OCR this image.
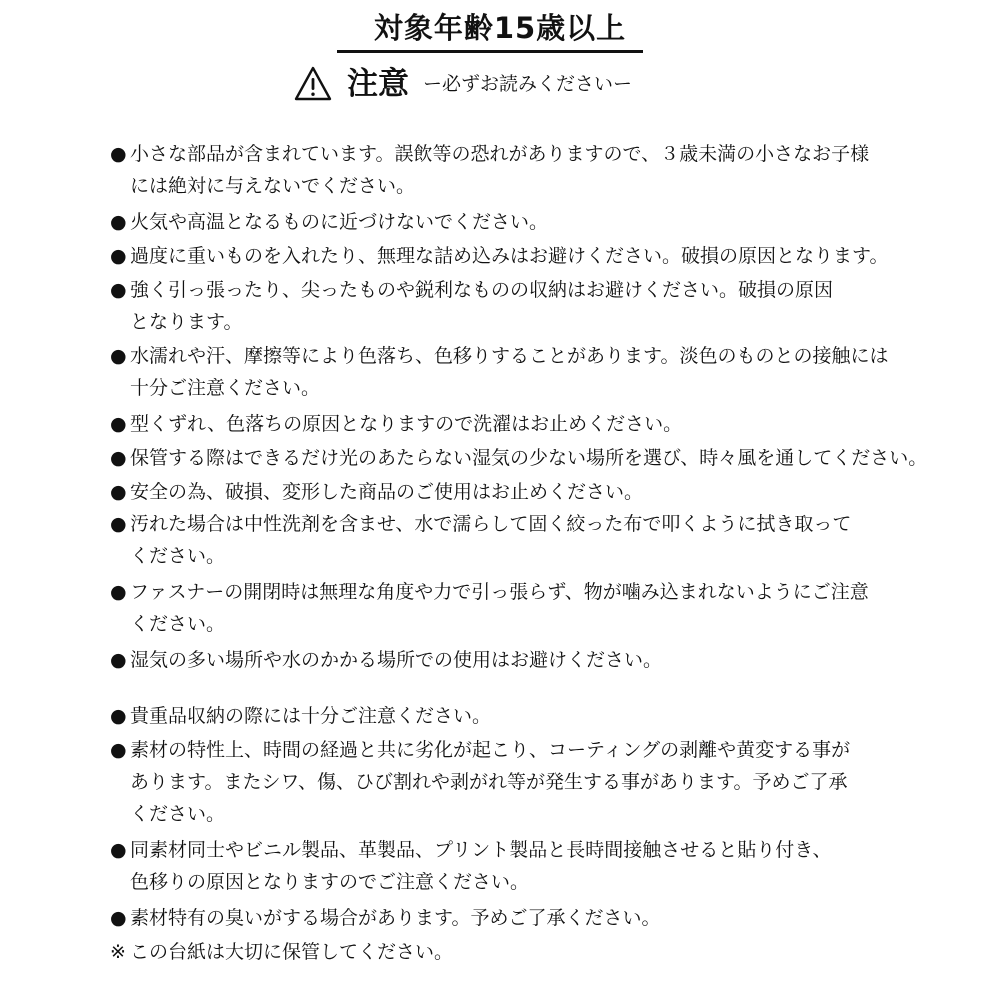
対象年齢15歳以上
注意 ー必ずお読みくださいー
● 小さな部品が含まれています。誤飲等の恐れがありますので、３歳未満の小さなお子様
には絶対に与えないでください。
● 火気や高温となるものに近づけないでください。
● 過度に重いものを入れたり、無理な詰め込みはお避けください。破損の原因となります。
● 強く引っ張ったり、尖ったものや鋭利なものの収納はお避けください。破損の原因
となります。
● 水濡れや汗、摩擦等により色落ち、色移りすることがあります。淡色のものとの接触には
十分ご注意ください。
● 型くずれ、色落ちの原因となりますので洗濯はお止めください。
● 保管する際はできるだけ光のあたらない湿気の少ない場所を選び、時々風を通してください。
● 安全の為、破損、変形した商品のご使用はお止めください。
● 汚れた場合は中性洗剤を含ませ、水で濡らして固く絞った布で叩くように拭き取って
ください。
● ファスナーの開閉時は無理な角度や力で引っ張らず、物が噛み込まれないようにご注意
ください。
● 湿気の多い場所や水のかかる場所での使用はお避けください。
● 貴重品収納の際には十分ご注意ください。
● 素材の特性上、時間の経過と共に劣化が起こり、コーティングの剥離や黄変する事が
あります。またシワ、傷、ひび割れや剥がれ等が発生する事があります。予めご了承
ください。
● 同素材同士やビニル製品、革製品、プリント製品と長時間接触させると貼り付き、
色移りの原因となりますのでご注意ください。
● 素材特有の臭いがする場合があります。予めご了承ください。
※ この台紙は大切に保管してください。
